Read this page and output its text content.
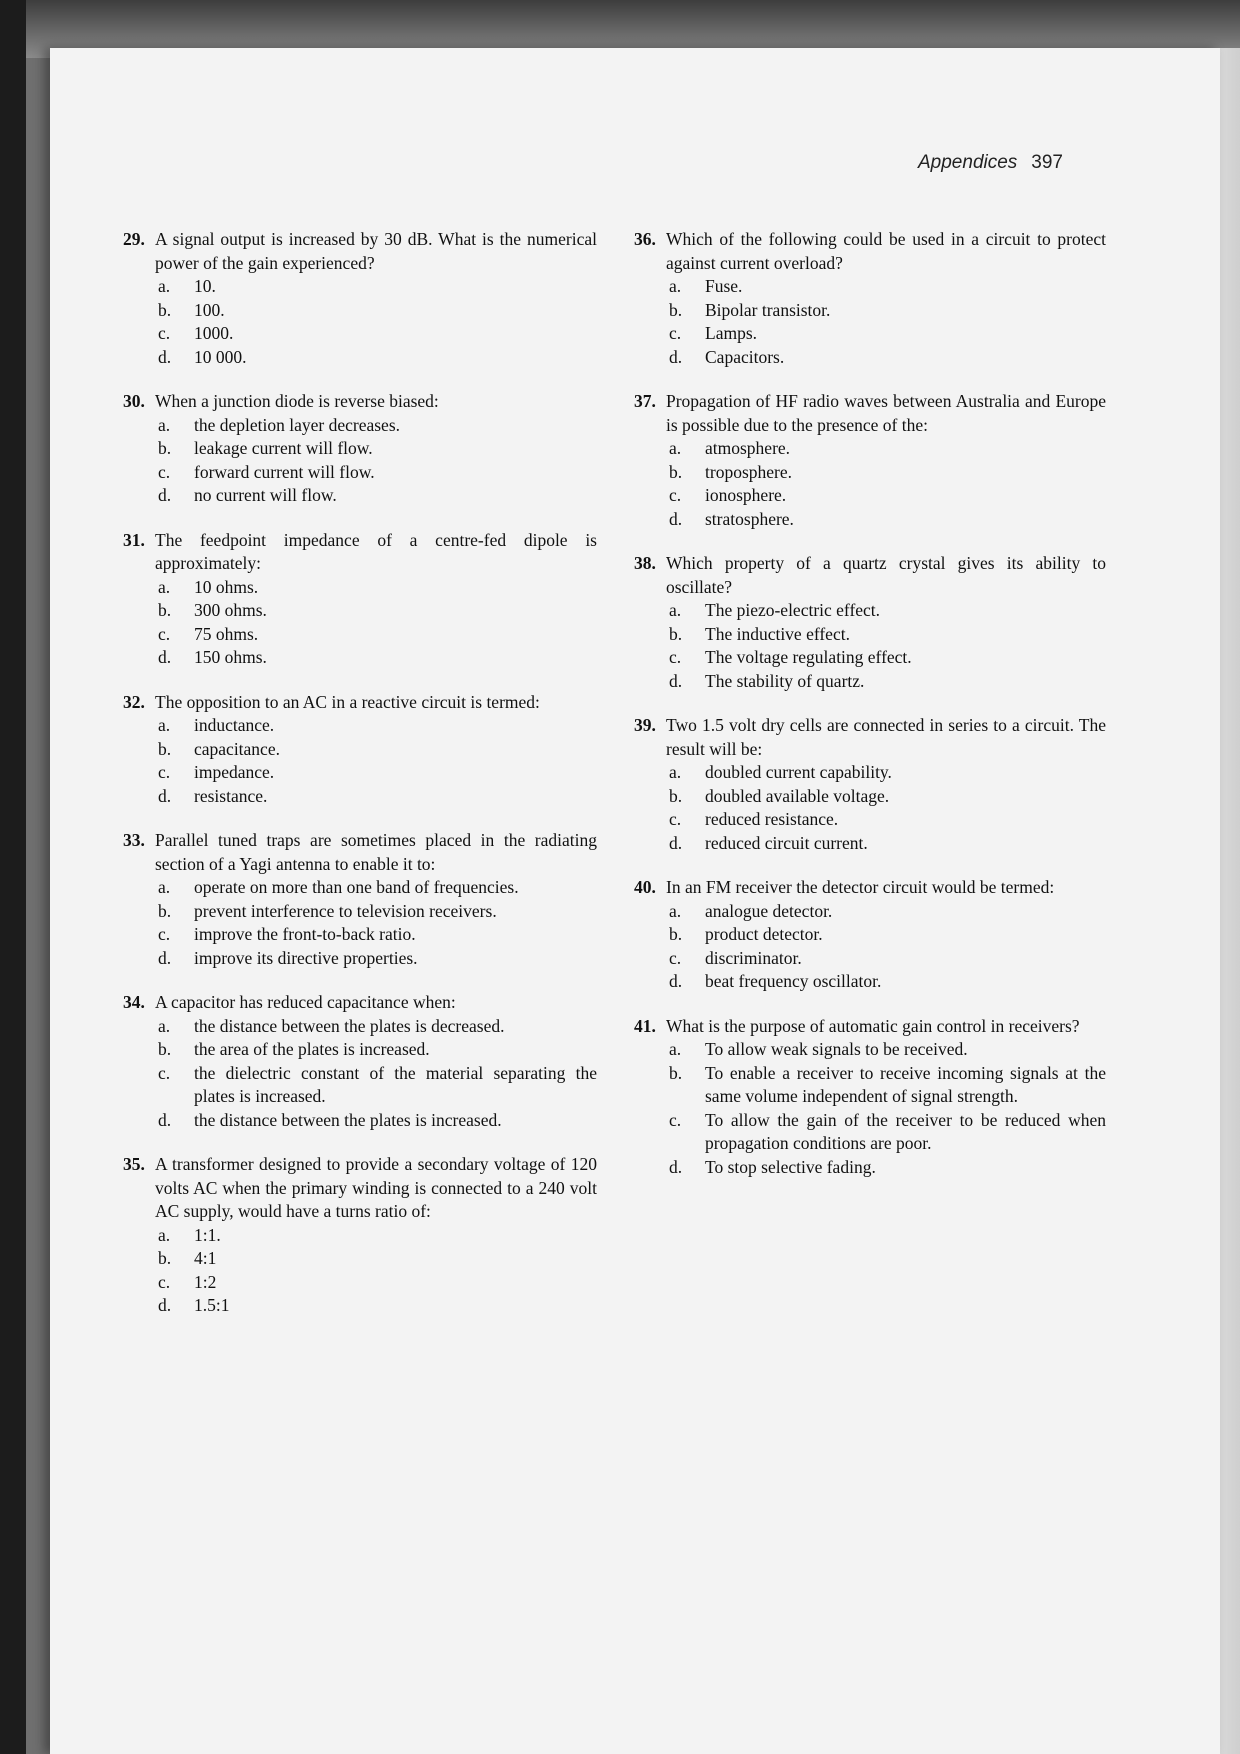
Appendices 397
29. A signal output is increased by 30 dB. What is the numerical power of the gain experienced?
a.	10.
b.	100.
c.	1000.
d.	10 000.
30. When a junction diode is reverse biased:
a.	the depletion layer decreases.
b.	leakage current will flow.
c.	forward current will flow.
d.	no current will flow.
31. The feedpoint impedance of a centre-fed dipole is approximately:
a.	10 ohms.
b.	300 ohms.
c.	75 ohms.
d.	150 ohms.
32. The opposition to an AC in a reactive circuit is termed:
a.	inductance.
b.	capacitance.
c.	impedance.
d.	resistance.
33. Parallel tuned traps are sometimes placed in the radiating section of a Yagi antenna to enable it to:
a.	operate on more than one band of frequencies.
b.	prevent interference to television receivers.
c.	improve the front-to-back ratio.
d.	improve its directive properties.
34. A capacitor has reduced capacitance when:
a.	the distance between the plates is decreased.
b.	the area of the plates is increased.
c.	the dielectric constant of the material separating the plates is increased.
d.	the distance between the plates is increased.
35. A transformer designed to provide a secondary voltage of 120 volts AC when the primary winding is connected to a 240 volt AC supply, would have a turns ratio of:
a.	1:1.
b.	4:1
c.	1:2
d.	1.5:1
36. Which of the following could be used in a circuit to protect against current overload?
a.	Fuse.
b.	Bipolar transistor.
c.	Lamps.
d.	Capacitors.
37. Propagation of HF radio waves between Australia and Europe is possible due to the presence of the:
a.	atmosphere.
b.	troposphere.
c.	ionosphere.
d.	stratosphere.
38. Which property of a quartz crystal gives its ability to oscillate?
a.	The piezo-electric effect.
b.	The inductive effect.
c.	The voltage regulating effect.
d.	The stability of quartz.
39. Two 1.5 volt dry cells are connected in series to a circuit. The result will be:
a.	doubled current capability.
b.	doubled available voltage.
c.	reduced resistance.
d.	reduced circuit current.
40. In an FM receiver the detector circuit would be termed:
a.	analogue detector.
b.	product detector.
c.	discriminator.
d.	beat frequency oscillator.
41. What is the purpose of automatic gain control in receivers?
a.	To allow weak signals to be received.
b.	To enable a receiver to receive incoming signals at the same volume independent of signal strength.
c.	To allow the gain of the receiver to be reduced when propagation conditions are poor.
d.	To stop selective fading.
